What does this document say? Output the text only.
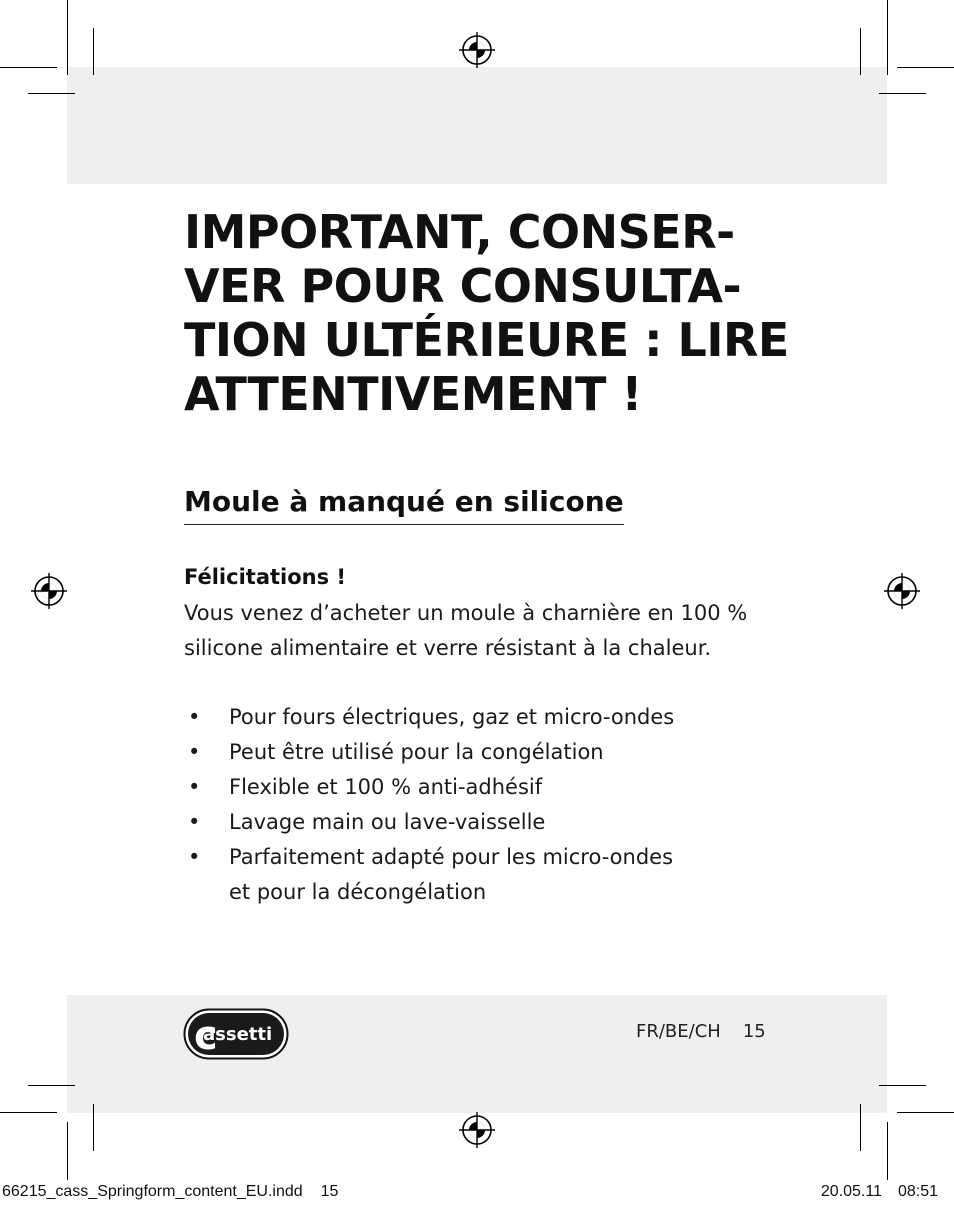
IMPORTANT, CONSER-
VER POUR CONSULTA-
TION ULTÉRIEURE : LIRE
ATTENTIVEMENT !
Moule à manqué en silicone
Félicitations !

Vous venez d’acheter un moule à charnière en 100 %
silicone alimentaire et verre résistant à la chaleur.

• Pour fours électriques, gaz et micro-ondes
• Peut être utilisé pour la congélation
• Flexible et 100 % anti-adhésif
• Lavage main ou lave-vaisselle
• Parfaitement adapté pour les micro-ondes
et pour la décongélation
c
assetti	FR/BE/CH 15
66215_cass_Springform_content_EU.indd 15	20.05.11 08:51
